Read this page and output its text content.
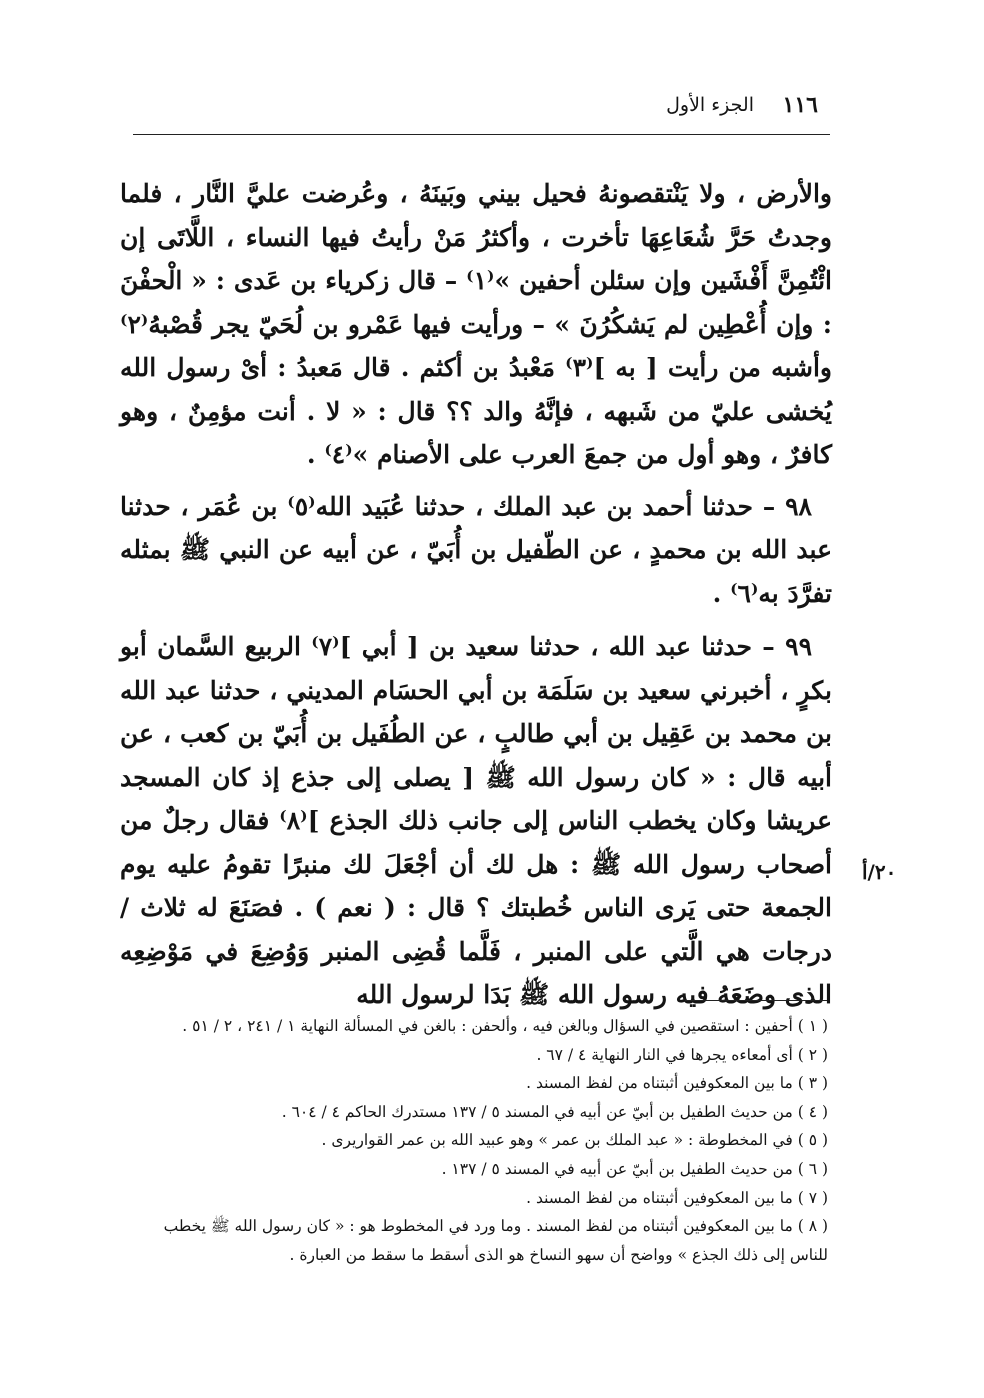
١١٦
الجزء الأول

والأرض ، ولا يَنْتقصونهُ فحيل بيني وبَينَهُ ، وعُرضت عليَّ النَّار ، فلما وجدتُ حَرَّ شُعَاعِهَا تأخرت ، وأكثرُ مَنْ رأيتُ فيها النساء ، اللَّاتَى إن ائْتُمِنَّ أَفْشَين وإن سئلن أحفين »⁽١⁾ – قال زكرياء بن عَدى : « الْحفْنَ : وإن أُعْطِين لم يَشكُرُنَ » – ورأيت فيها عَمْرو بن لُحَيّ يجر قُصْبهُ⁽٢⁾ وأشبه من رأيت [ به ]⁽٣⁾ مَعْبدُ بن أكثم . قال مَعبدُ : أىْ رسول الله يُخشى عليّ من شَبهه ، فإنَّهُ والد ؟؟ قال : « لا . أنت مؤمِنٌ ، وهو كافرٌ ، وهو أول من جمعَ العرب على الأصنام »⁽٤⁾ .

٩٨ – حدثنا أحمد بن عبد الملك ، حدثنا عُبَيد الله⁽٥⁾ بن عُمَر ، حدثنا عبد الله بن محمدٍ ، عن الطّفيل بن أُبَيّ ، عن أبيه عن النبي ﷺ بمثله تفرَّدَ به⁽٦⁾ .

٩٩ – حدثنا عبد الله ، حدثنا سعيد بن [ أبي ]⁽٧⁾ الربيع السَّمان أبو بكرٍ ، أخبرني سعيد بن سَلَمَة بن أبي الحسَام المديني ، حدثنا عبد الله بن محمد بن عَقِيل بن أبي طالبٍ ، عن الطُفَيل بن أُبَيّ بن كعب ، عن أبيه قال : « كان رسول الله ﷺ [ يصلى إلى جذع إذ كان المسجد عريشا وكان يخطب الناس إلى جانب ذلك الجذع ]⁽٨⁾ فقال رجلٌ من أصحاب رسول الله ﷺ : هل لك أن أجْعَلَ لك منبرًا تقومُ عليه يوم الجمعة حتى يَرى الناس خُطبتك ؟ قال : ( نعم ) . فصَنَعَ له ثلاث / درجات هي الَّتي على المنبر ، فَلَّما قُضِى المنبر وَوُضِعَ في مَوْضِعِه الذى وضَعَهُ فيه رسول الله ﷺ بَدَا لرسول الله

٢٠/أ

( ١ ) أحفين : استقصين في السؤال وبالغن فيه ، وألحفن : بالغن في المسألة النهاية ١ / ٢٤١ ، ٢ / ٥١ .

( ٢ ) أى أمعاءه يجرها في النار النهاية ٤ / ٦٧ .

( ٣ ) ما بين المعكوفين أثبتناه من لفظ المسند .

( ٤ ) من حديث الطفيل بن أبيّ عن أبيه في المسند ٥ / ١٣٧ مستدرك الحاكم ٤ / ٦٠٤ .

( ٥ ) في المخطوطة : « عبد الملك بن عمر » وهو عبيد الله بن عمر القواريرى .

( ٦ ) من حديث الطفيل بن أبيّ عن أبيه في المسند ٥ / ١٣٧ .

( ٧ ) ما بين المعكوفين أثبتناه من لفظ المسند .

( ٨ ) ما بين المعكوفين أثبتناه من لفظ المسند . وما ورد في المخطوط هو : « كان رسول الله ﷺ يخطب للناس إلى ذلك الجذع » وواضح أن سهو النساخ هو الذى أسقط ما سقط من العبارة .
